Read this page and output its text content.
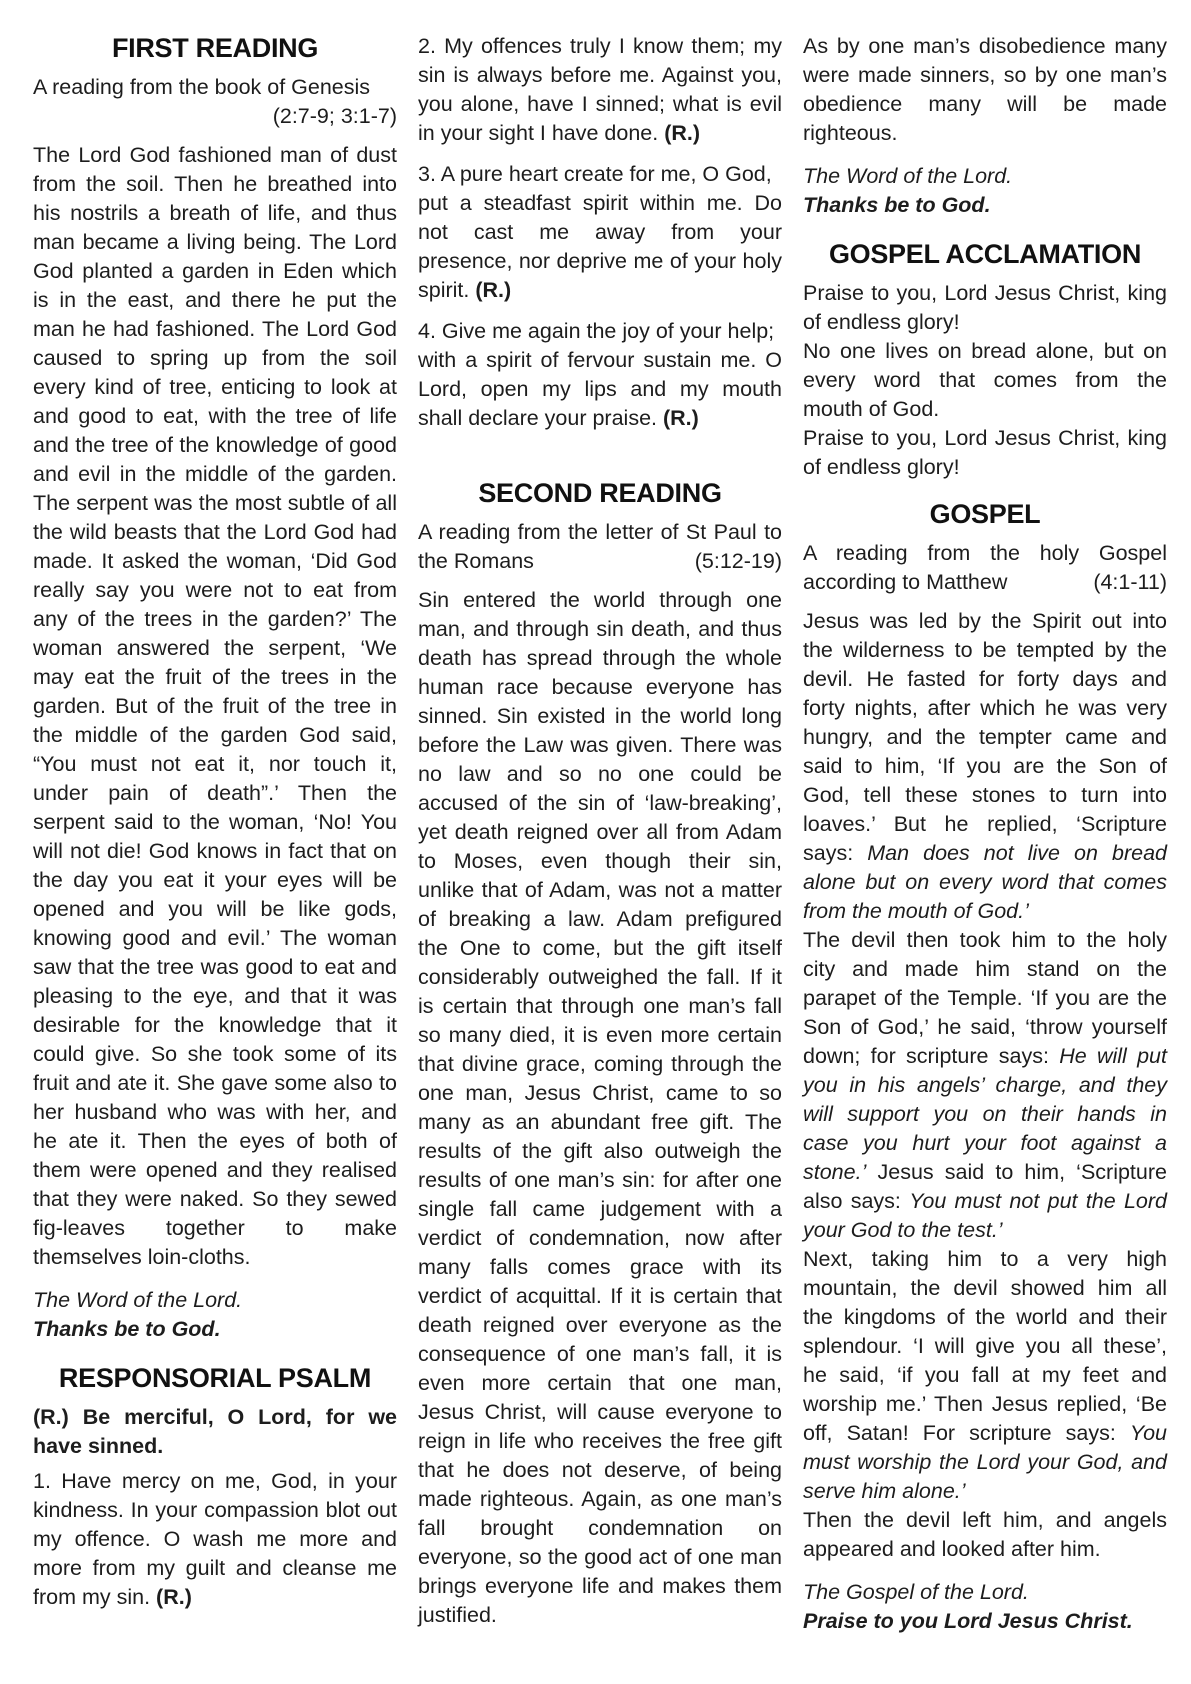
FIRST READING

A reading from the book of Genesis

(2:7-9; 3:1-7)

The Lord God fashioned man of dust from the soil. Then he breathed into his nostrils a breath of life, and thus man became a living being. The Lord God planted a garden in Eden which is in the east, and there he put the man he had fashioned. The Lord God caused to spring up from the soil every kind of tree, enticing to look at and good to eat, with the tree of life and the tree of the knowledge of good and evil in the middle of the garden. The serpent was the most subtle of all the wild beasts that the Lord God had made. It asked the woman, ‘Did God really say you were not to eat from any of the trees in the garden?’ The woman answered the serpent, ‘We may eat the fruit of the trees in the garden. But of the fruit of the tree in the middle of the garden God said, “You must not eat it, nor touch it, under pain of death”.’ Then the serpent said to the woman, ‘No! You will not die! God knows in fact that on the day you eat it your eyes will be opened and you will be like gods, knowing good and evil.’ The woman saw that the tree was good to eat and pleasing to the eye, and that it was desirable for the knowledge that it could give. So she took some of its fruit and ate it. She gave some also to her husband who was with her, and he ate it. Then the eyes of both of them were opened and they realised that they were naked. So they sewed fig-leaves together to make themselves loin-cloths.

The Word of the Lord.

Thanks be to God.

RESPONSORIAL PSALM

(R.) Be merciful, O Lord, for we have sinned.

1. Have mercy on me, God, in your kindness. In your compassion blot out my offence. O wash me more and more from my guilt and cleanse me from my sin. (R.)

2. My offences truly I know them; my sin is always before me. Against you, you alone, have I sinned; what is evil in your sight I have done. (R.)

3. A pure heart create for me, O God,
put a steadfast spirit within me. Do not cast me away from your presence, nor deprive me of your holy spirit. (R.)

4. Give me again the joy of your help;
with a spirit of fervour sustain me. O Lord, open my lips and my mouth shall declare your praise. (R.)

SECOND READING

A reading from the letter of St Paul to the Romans	(5:12-19)

Sin entered the world through one man, and through sin death, and thus death has spread through the whole human race because everyone has sinned. Sin existed in the world long before the Law was given. There was no law and so no one could be accused of the sin of ‘law-breaking’, yet death reigned over all from Adam to Moses, even though their sin, unlike that of Adam, was not a matter of breaking a law. Adam prefigured the One to come, but the gift itself considerably outweighed the fall. If it is certain that through one man’s fall so many died, it is even more certain that divine grace, coming through the one man, Jesus Christ, came to so many as an abundant free gift. The results of the gift also outweigh the results of one man’s sin: for after one single fall came judgement with a verdict of condemnation, now after many falls comes grace with its verdict of acquittal. If it is certain that death reigned over everyone as the consequence of one man’s fall, it is even more certain that one man, Jesus Christ, will cause everyone to reign in life who receives the free gift that he does not deserve, of being made righteous. Again, as one man’s fall brought condemnation on everyone, so the good act of one man brings everyone life and makes them justified.

As by one man’s disobedience many were made sinners, so by one man’s obedience many will be made righteous.

The Word of the Lord.

Thanks be to God.

GOSPEL ACCLAMATION

Praise to you, Lord Jesus Christ, king of endless glory!

No one lives on bread alone, but on every word that comes from the mouth of God.

Praise to you, Lord Jesus Christ, king of endless glory!

GOSPEL

A reading from the holy Gospel according to Matthew	(4:1-11)

Jesus was led by the Spirit out into the wilderness to be tempted by the devil. He fasted for forty days and forty nights, after which he was very hungry, and the tempter came and said to him, ‘If you are the Son of God, tell these stones to turn into loaves.’ But he replied, ‘Scripture says: Man does not live on bread alone but on every word that comes from the mouth of God.’

The devil then took him to the holy city and made him stand on the parapet of the Temple. ‘If you are the Son of God,’ he said, ‘throw yourself down; for scripture says: He will put you in his angels’ charge, and they will support you on their hands in case you hurt your foot against a stone.’ Jesus said to him, ‘Scripture also says: You must not put the Lord your God to the test.’

Next, taking him to a very high mountain, the devil showed him all the kingdoms of the world and their splendour. ‘I will give you all these’, he said, ‘if you fall at my feet and worship me.’ Then Jesus replied, ‘Be off, Satan! For scripture says: You must worship the Lord your God, and serve him alone.’

Then the devil left him, and angels appeared and looked after him.

The Gospel of the Lord.

Praise to you Lord Jesus Christ.
